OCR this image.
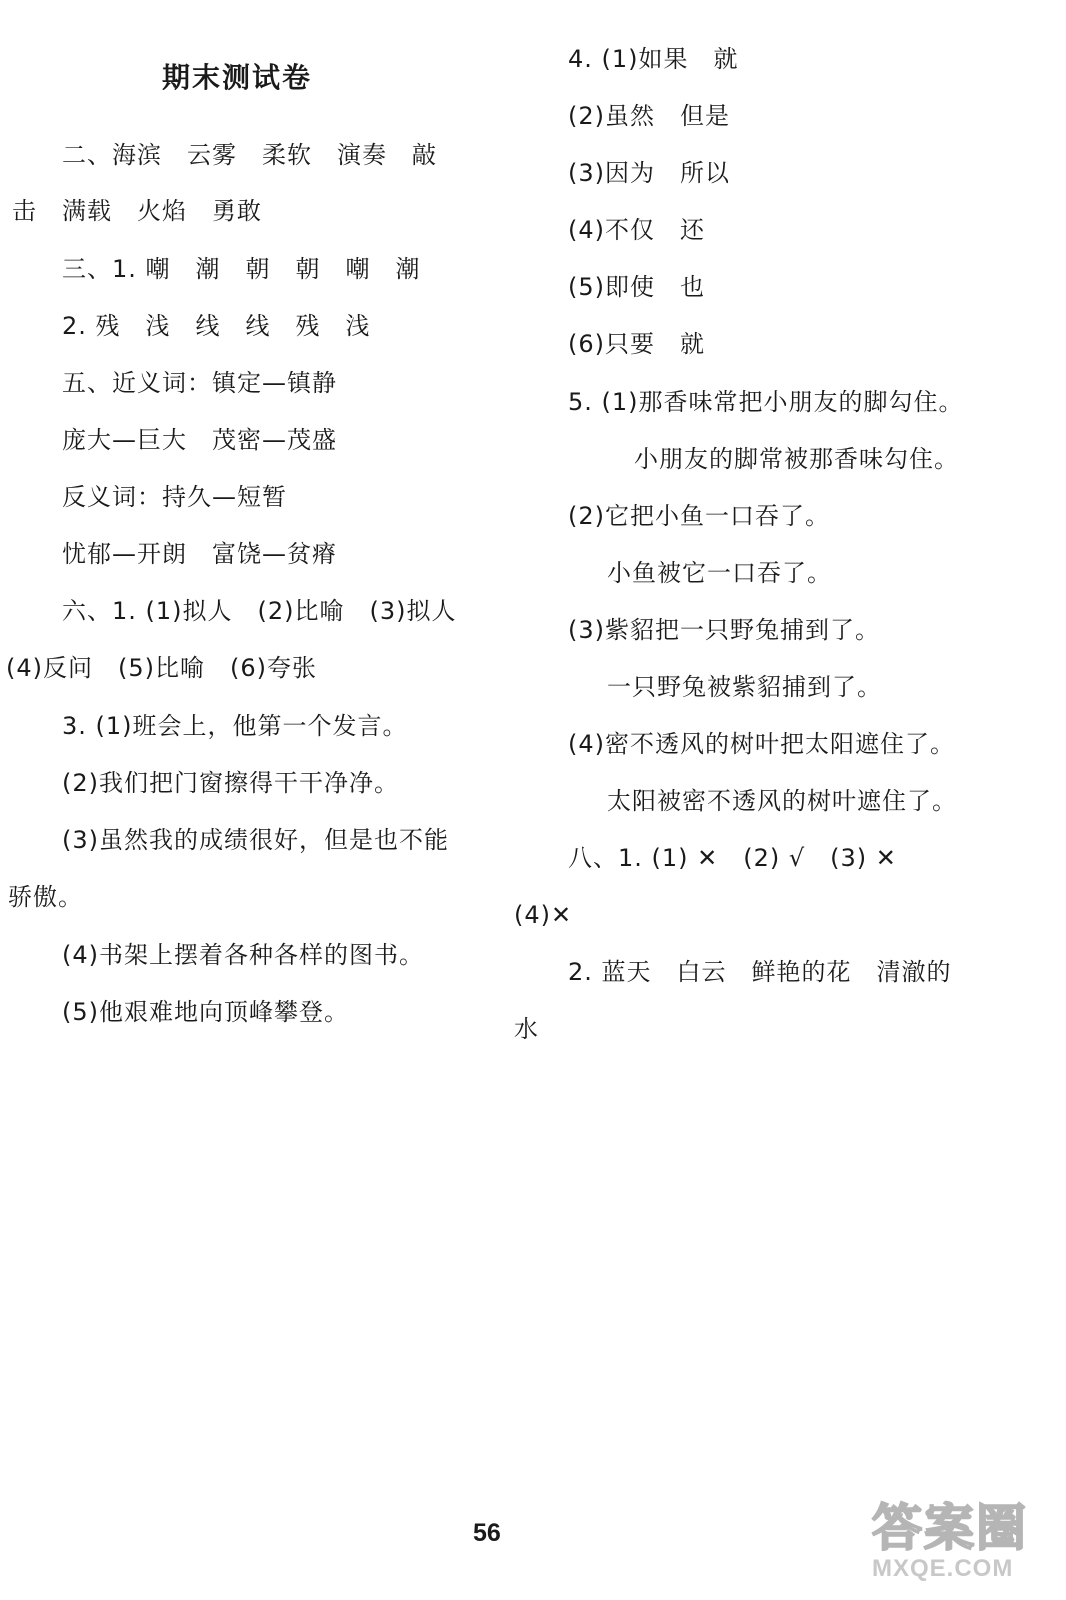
期末测试卷
二、海滨　云雾　柔软　演奏　敲
击　满载　火焰　勇敢
三、1. 嘲　潮　朝　朝　嘲　潮
2. 残　浅　线　线　残　浅
五、近义词：镇定—镇静
庞大—巨大　茂密—茂盛
反义词：持久—短暂
忧郁—开朗　富饶—贫瘠
六、1. (1)拟人　(2)比喻　(3)拟人
(4)反问　(5)比喻　(6)夸张
3. (1)班会上，他第一个发言。
(2)我们把门窗擦得干干净净。
(3)虽然我的成绩很好，但是也不能
骄傲。
(4)书架上摆着各种各样的图书。
(5)他艰难地向顶峰攀登。
4. (1)如果　就
(2)虽然　但是
(3)因为　所以
(4)不仅　还
(5)即使　也
(6)只要　就
5. (1)那香味常把小朋友的脚勾住。
小朋友的脚常被那香味勾住。
(2)它把小鱼一口吞了。
小鱼被它一口吞了。
(3)紫貂把一只野兔捕到了。
一只野兔被紫貂捕到了。
(4)密不透风的树叶把太阳遮住了。
太阳被密不透风的树叶遮住了。
八、1. (1) ✕　(2) √　(3) ✕
(4)✕
2. 蓝天　白云　鲜艳的花　清澈的
水
56	答案圈
MXQE.COM
